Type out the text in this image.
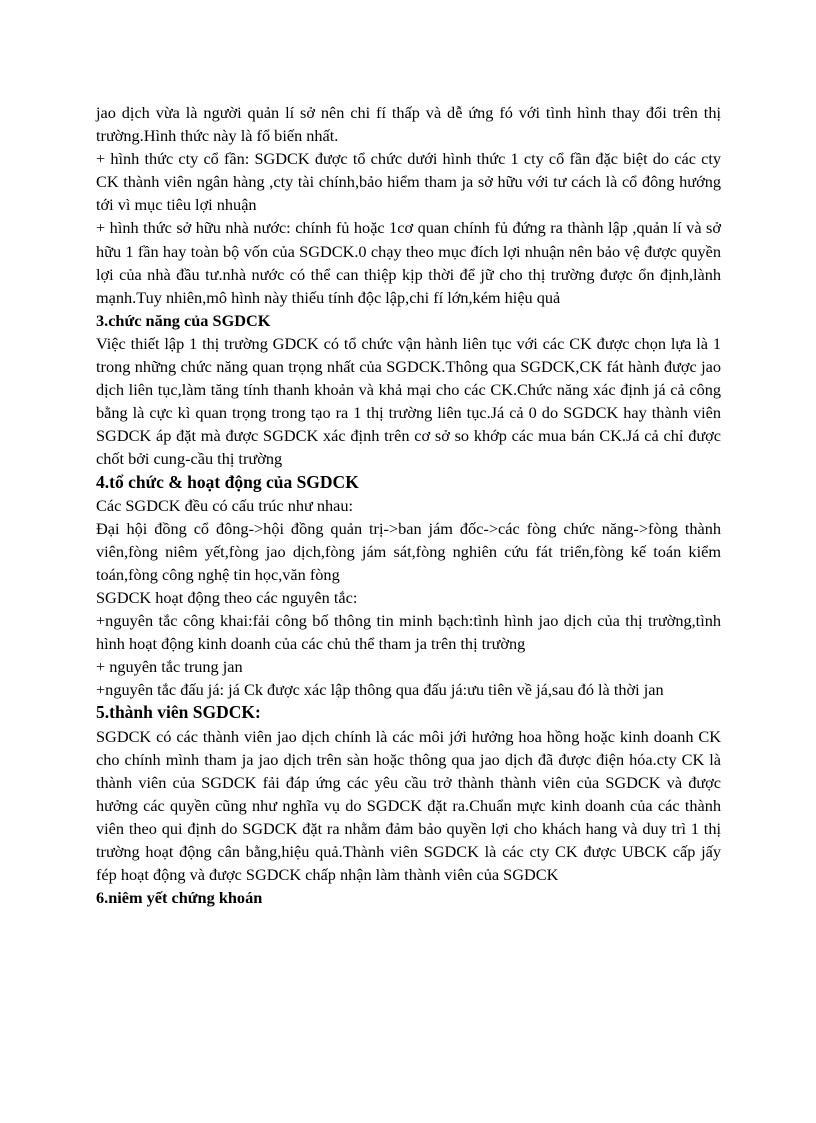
jao dịch vừa là người quản lí sở nên chi fí thấp và dễ ứng fó với tình hình thay đổi trên thị trường.Hình thức này là fổ biến nhất.

+ hình thức cty cổ fần: SGDCK được tổ chức dưới hình thức 1 cty cổ fần đặc biệt do các cty CK thành viên ngân hàng ,cty tài chính,bảo hiểm tham ja sở hữu với tư cách là cổ đông hướng tới vì mục tiêu lợi nhuận

+ hình thức sở hữu nhà nước: chính fủ hoặc 1cơ quan chính fủ đứng ra thành lập ,quản lí và sở hữu 1 fần hay toàn bộ vốn của SGDCK.0 chạy theo mục đích lợi nhuận nên bảo vệ được quyền lợi của nhà đầu tư.nhà nước có thể can thiệp kịp thời để jữ cho thị trường được ổn định,lành mạnh.Tuy nhiên,mô hình này thiếu tính độc lập,chi fí lớn,kém hiệu quả

3.chức năng của SGDCK

Việc thiết lập 1 thị trường GDCK có tổ chức vận hành liên tục với các CK được chọn lựa là 1 trong những chức năng quan trọng nhất của SGDCK.Thông qua SGDCK,CK fát hành được jao dịch liên tục,làm tăng tính thanh khoản và khả mại cho các CK.Chức năng xác định já cả công bằng là cực kì quan trọng trong tạo ra 1 thị trường liên tục.Já cả 0 do SGDCK hay thành viên SGDCK áp đặt mà được SGDCK xác định trên cơ sở so khớp các mua bán CK.Já cả chỉ được chốt bởi cung-cầu thị trường

4.tổ chức & hoạt động của SGDCK

Các SGDCK đều có cấu trúc như nhau:

Đại hội đồng cổ đông->hội đồng quản trị->ban jám đốc->các fòng chức năng->fòng thành viên,fòng niêm yết,fòng jao dịch,fòng jám sát,fòng nghiên cứu fát triển,fòng kế toán kiểm toán,fòng công nghệ tin học,văn fòng

SGDCK hoạt động theo các nguyên tắc:

+nguyên tắc công khai:fải công bố thông tin minh bạch:tình hình jao dịch của thị trường,tình hình hoạt động kinh doanh của các chủ thể tham ja trên thị trường

+ nguyên tắc trung jan

+nguyên tắc đấu já: já Ck được xác lập thông qua đấu já:ưu tiên về já,sau đó là thời jan

5.thành viên SGDCK:

SGDCK có các thành viên jao dịch chính là các môi jới hưởng hoa hồng hoặc kinh doanh CK cho chính mình tham ja jao dịch trên sàn hoặc thông qua jao dịch đã được điện hóa.cty CK là thành viên của SGDCK fải đáp ứng các yêu cầu trở thành thành viên của SGDCK và được hưởng các quyền cũng như nghĩa vụ do SGDCK đặt ra.Chuẩn mực kinh doanh của các thành viên theo qui định do SGDCK đặt ra nhằm đảm bảo quyền lợi cho khách hang và duy trì 1 thị trường hoạt động cân bằng,hiệu quả.Thành viên SGDCK là các cty CK được UBCK cấp jấy fép hoạt động và được SGDCK chấp nhận làm thành viên của SGDCK

6.niêm yết chứng khoán
